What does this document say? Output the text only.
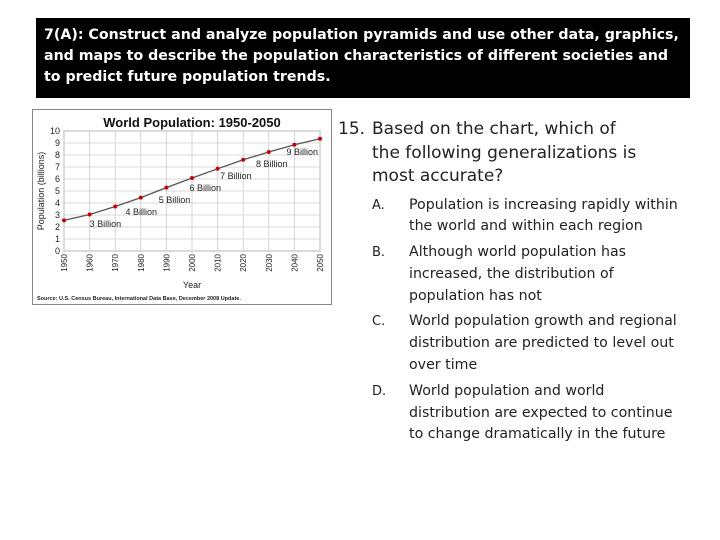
7(A): Construct and analyze population pyramids and use other data, graphics, and maps to describe the population characteristics of different societies and to predict future population trends.
0
1
2
3
4
5
6
7
8
9
10
1950 1960 1970 1980 1990 2000 2010 2020 2030 2040 2050
3 Billion
4 Billion
5 Billion
6 Billion
7 Billion
8 Billion
9 Billion
World Population: 1950-2050
Population (billions)
Year
Source: U.S. Census Bureau, International Data Base, December 2008 Update.
15. Based on the chart, which of the following generalizations is most accurate?
A.	Population is increasing rapidly within the world and within each region
B.	Although world population has increased, the distribution of population has not
C.	World population growth and regional distribution are predicted to level out over time
D.	World population and world distribution are expected to continue to change dramatically in the future
